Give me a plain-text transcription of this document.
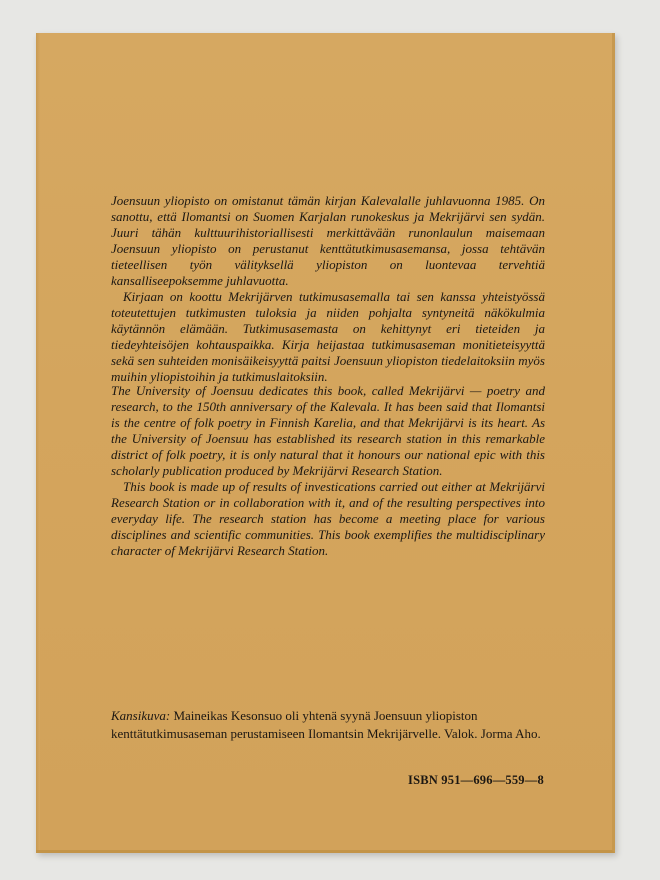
Joensuun yliopisto on omistanut tämän kirjan Kalevalalle juhlavuonna 1985. On sanottu, että Ilomantsi on Suomen Karjalan runokeskus ja Mekrijärvi sen sydän. Juuri tähän kulttuurihistoriallisesti merkittävään runonlaulun maisemaan Joensuun yliopisto on perustanut kenttätutkimusasemansa, jossa tehtävän tieteellisen työn välityksellä yliopiston on luontevaa tervehtiä kansalliseepoksemme juhlavuotta.

Kirjaan on koottu Mekrijärven tutkimusasemalla tai sen kanssa yhteistyössä toteutettujen tutkimusten tuloksia ja niiden pohjalta syntyneitä näkökulmia käytännön elämään. Tutkimusasemasta on kehittynyt eri tieteiden ja tiedeyhteisöjen kohtauspaikka. Kirja heijastaa tutkimusaseman monitieteisyyttä sekä sen suhteiden monisäikeisyyttä paitsi Joensuun yliopiston tiedelaitoksiin myös muihin yliopistoihin ja tutkimuslaitoksiin.

The University of Joensuu dedicates this book, called Mekrijärvi — poetry and research, to the 150th anniversary of the Kalevala. It has been said that Ilomantsi is the centre of folk poetry in Finnish Karelia, and that Mekrijärvi is its heart. As the University of Joensuu has established its research station in this remarkable district of folk poetry, it is only natural that it honours our national epic with this scholarly publication produced by Mekrijärvi Research Station.

This book is made up of results of investications carried out either at Mekrijärvi Research Station or in collaboration with it, and of the resulting perspectives into everyday life. The research station has become a meeting place for various disciplines and scientific communities. This book exemplifies the multidisciplinary character of Mekrijärvi Research Station.

Kansikuva: Maineikas Kesonsuo oli yhtenä syynä Joensuun yliopiston kenttätutkimusaseman perustamiseen Ilomantsin Mekrijärvelle. Valok. Jorma Aho.
ISBN 951—696—559—8
